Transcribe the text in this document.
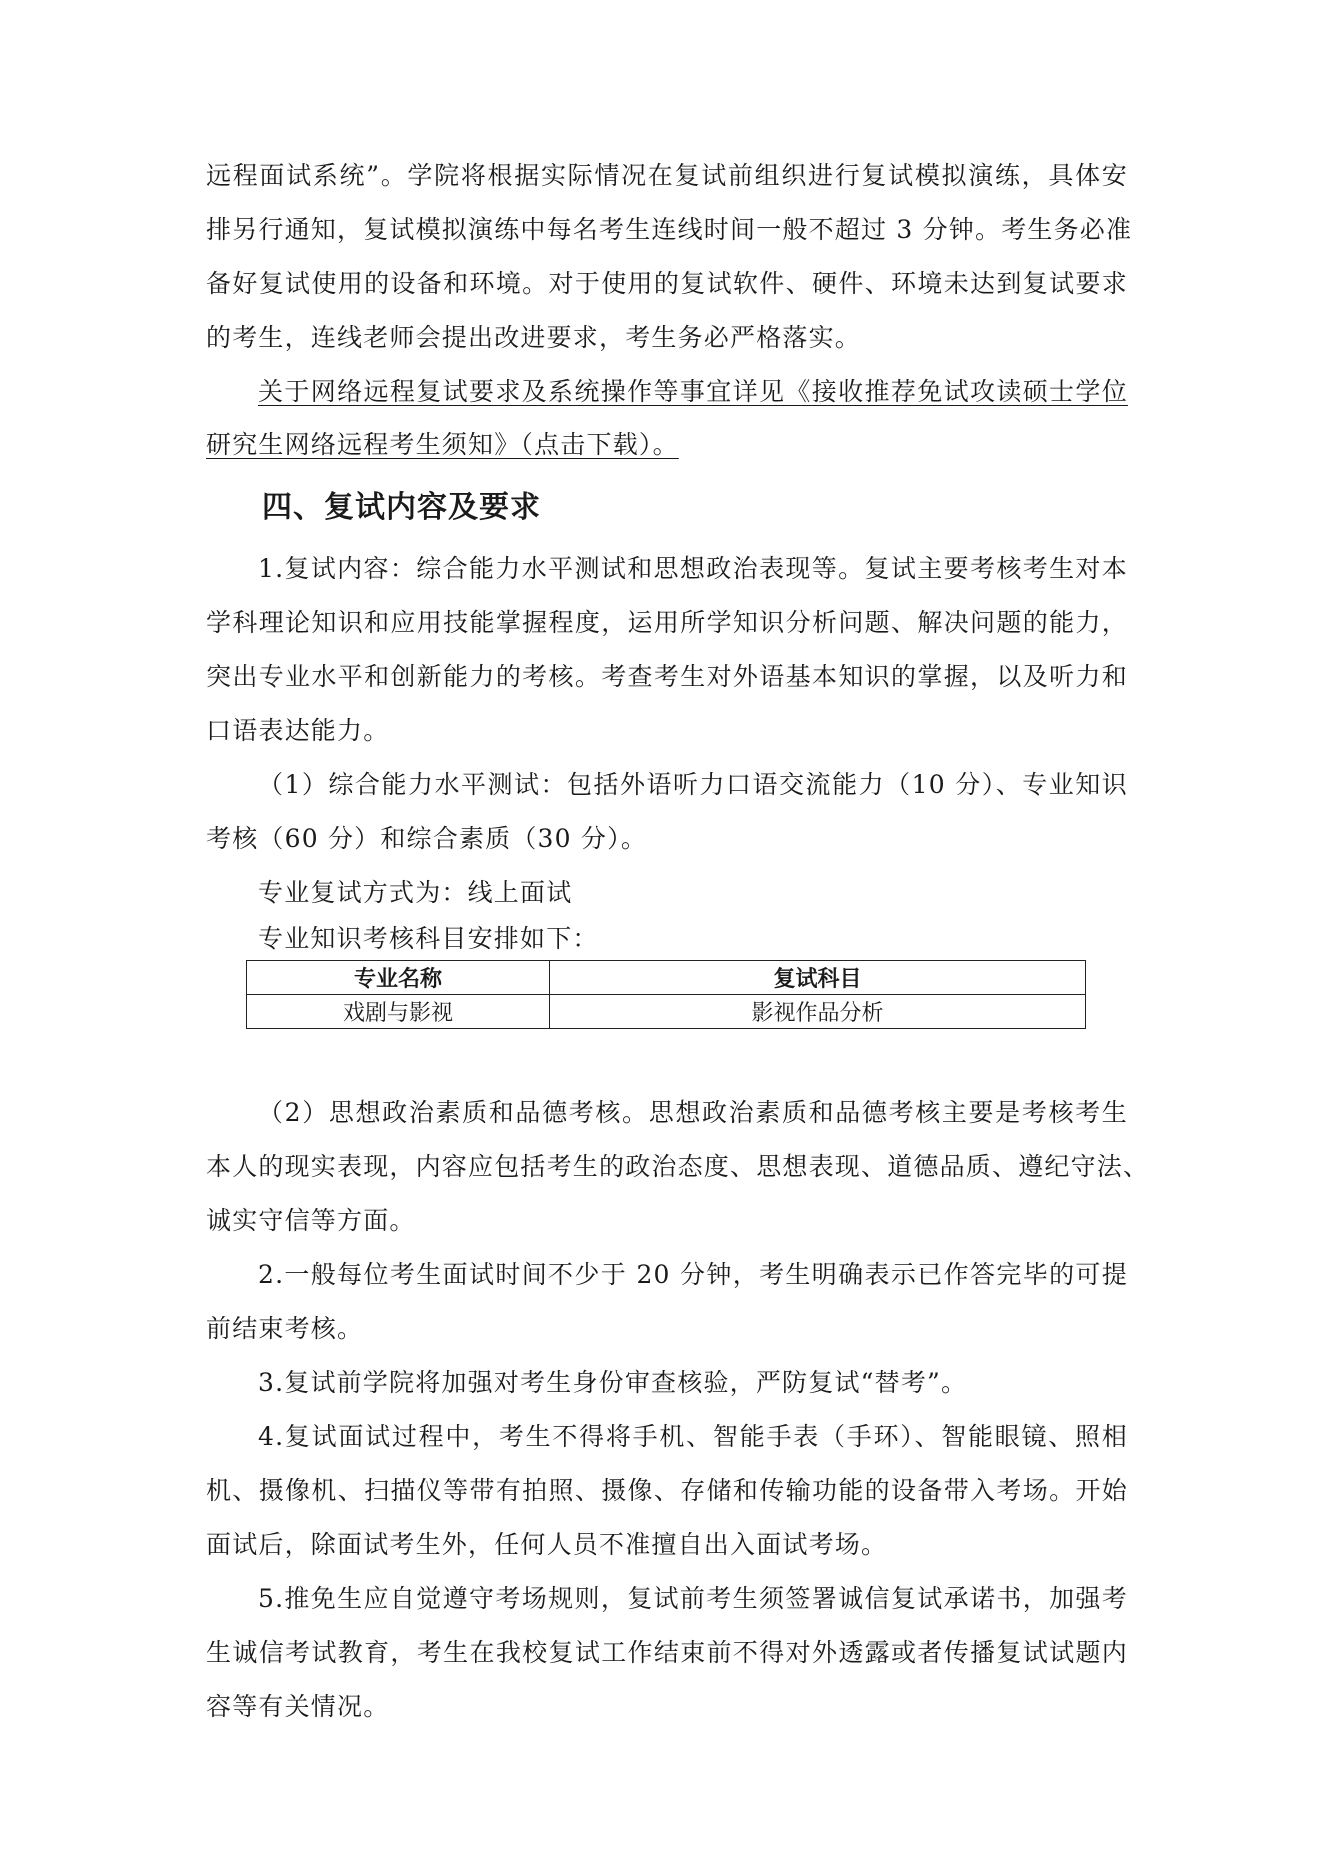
远程面试系统”。学院将根据实际情况在复试前组织进行复试模拟演练，具体安
排另行通知，复试模拟演练中每名考生连线时间一般不超过 3 分钟。考生务必准
备好复试使用的设备和环境。对于使用的复试软件、硬件、环境未达到复试要求
的考生，连线老师会提出改进要求，考生务必严格落实。
关于网络远程复试要求及系统操作等事宜详见《接收推荐免试攻读硕士学位
研究生网络远程考生须知》（点击下载）。
四、复试内容及要求
1.复试内容：综合能力水平测试和思想政治表现等。复试主要考核考生对本
学科理论知识和应用技能掌握程度，运用所学知识分析问题、解决问题的能力，
突出专业水平和创新能力的考核。考查考生对外语基本知识的掌握，以及听力和
口语表达能力。
（1）综合能力水平测试：包括外语听力口语交流能力（10 分）、专业知识
考核（60 分）和综合素质（30 分）。
专业复试方式为：线上面试
专业知识考核科目安排如下：
专业名称	复试科目
戏剧与影视	影视作品分析
（2）思想政治素质和品德考核。思想政治素质和品德考核主要是考核考生
本人的现实表现，内容应包括考生的政治态度、思想表现、道德品质、遵纪守法、
诚实守信等方面。
2.一般每位考生面试时间不少于 20 分钟，考生明确表示已作答完毕的可提
前结束考核。
3.复试前学院将加强对考生身份审查核验，严防复试“替考”。
4.复试面试过程中，考生不得将手机、智能手表（手环）、智能眼镜、照相
机、摄像机、扫描仪等带有拍照、摄像、存储和传输功能的设备带入考场。开始
面试后，除面试考生外，任何人员不准擅自出入面试考场。
5.推免生应自觉遵守考场规则，复试前考生须签署诚信复试承诺书，加强考
生诚信考试教育，考生在我校复试工作结束前不得对外透露或者传播复试试题内
容等有关情况。
